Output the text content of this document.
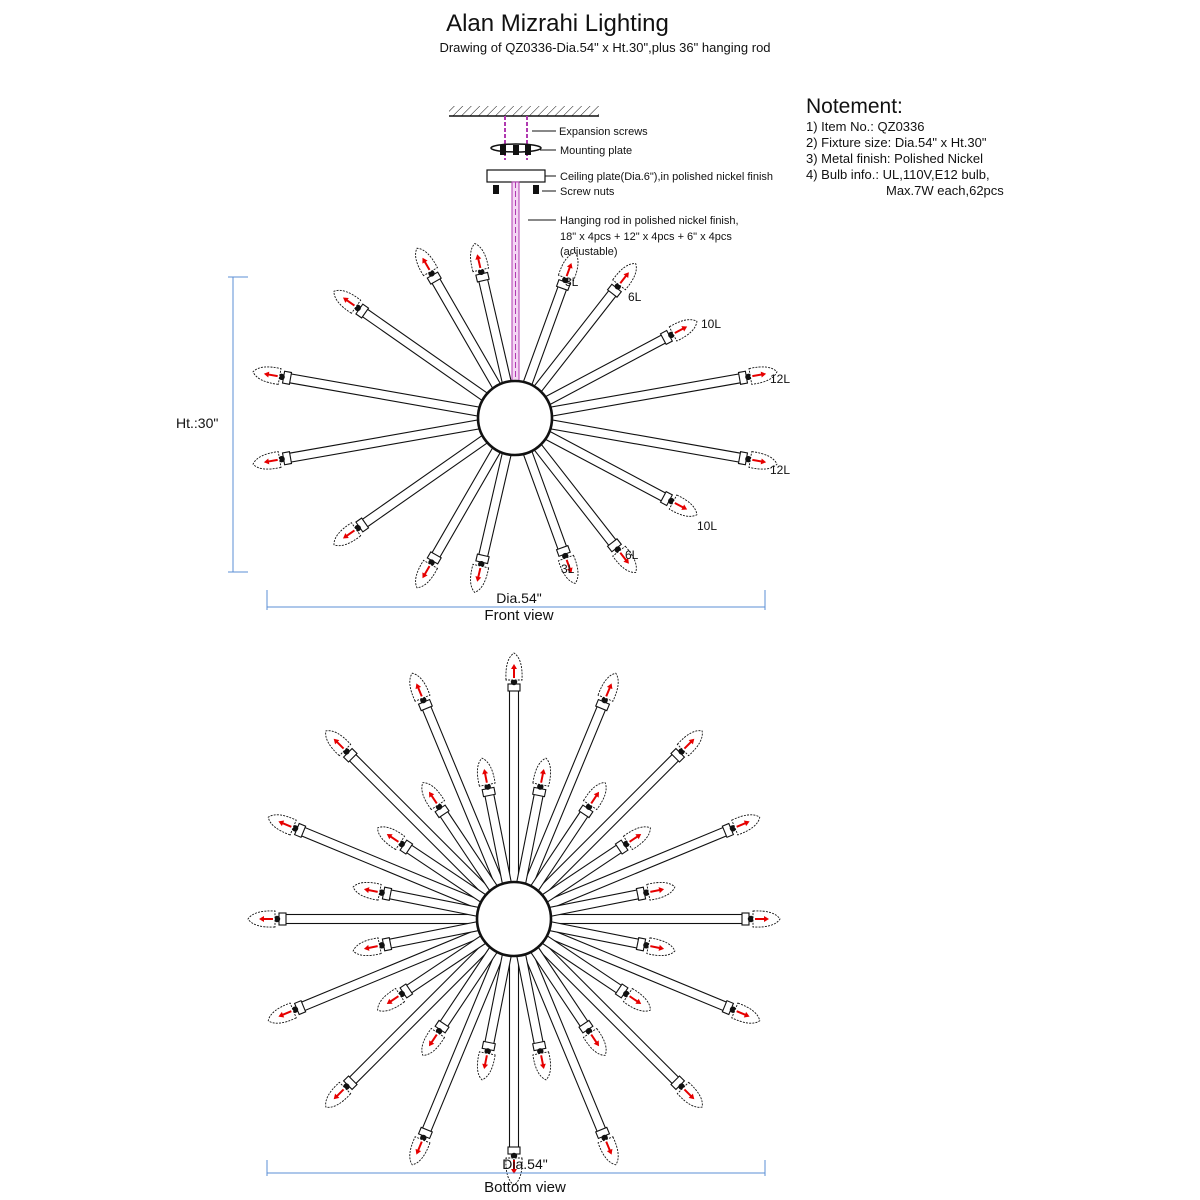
Alan Mizrahi Lighting
Drawing of QZ0336-Dia.54" x Ht.30",plus 36" hanging rod
Notement:
1) Item No.: QZ0336
2) Fixture size: Dia.54" x Ht.30"
3) Metal finish: Polished Nickel
4) Bulb info.: UL,110V,E12 bulb,
Max.7W each,62pcs
Expansion screws
Mounting plate
Ceiling plate(Dia.6"),in polished nickel finish
Screw nuts
Hanging rod in polished nickel finish,
18" x 4pcs + 12" x 4pcs + 6" x 4pcs
(adjustable)
Ht.:30"
Dia.54"
Front view
3L
6L
10L
12L
12L
10L
6L
3L
Dia.54"
Bottom view
